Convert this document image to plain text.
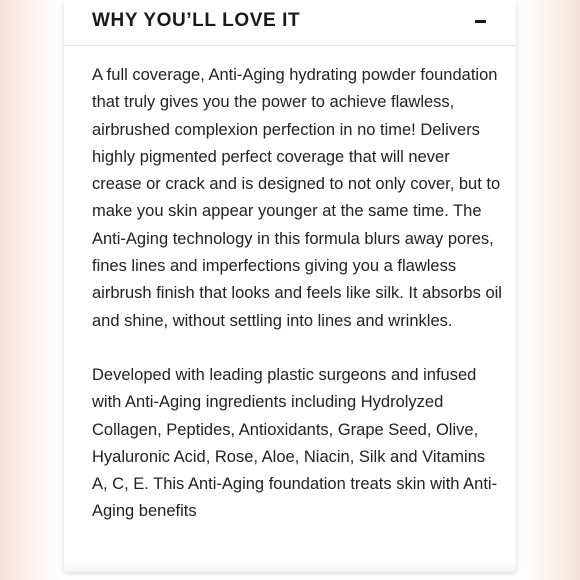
WHY YOU’LL LOVE IT

A full coverage, Anti-Aging hydrating powder foundation that truly gives you the power to achieve flawless, airbrushed complexion perfection in no time! Delivers highly pigmented perfect coverage that will never crease or crack and is designed to not only cover, but to make you skin appear younger at the same time. The Anti-Aging technology in this formula blurs away pores, fines lines and imperfections giving you a flawless airbrush finish that looks and feels like silk. It absorbs oil and shine, without settling into lines and wrinkles.

Developed with leading plastic surgeons and infused with Anti-Aging ingredients including Hydrolyzed Collagen, Peptides, Antioxidants, Grape Seed, Olive, Hyaluronic Acid, Rose, Aloe, Niacin, Silk and Vitamins A, C, E. This Anti-Aging foundation treats skin with Anti-Aging benefits
